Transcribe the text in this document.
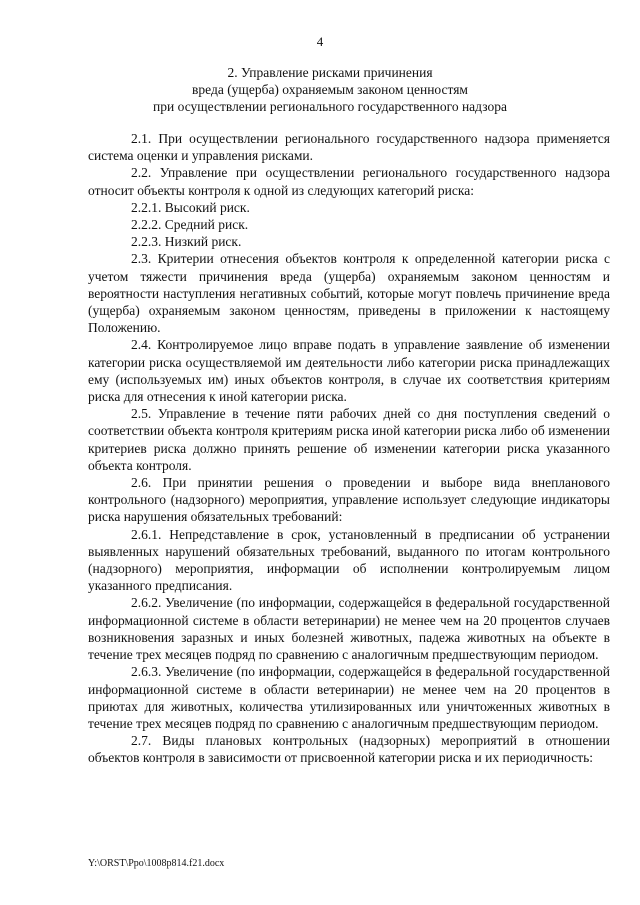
4
2. Управление рисками причинения
вреда (ущерба) охраняемым законом ценностям
при осуществлении регионального государственного надзора

2.1. При осуществлении регионального государственного надзора применяется система оценки и управления рисками.

2.2. Управление при осуществлении регионального государственного надзора относит объекты контроля к одной из следующих категорий риска:

2.2.1. Высокий риск.

2.2.2. Средний риск.

2.2.3. Низкий риск.

2.3. Критерии отнесения объектов контроля к определенной категории риска с учетом тяжести причинения вреда (ущерба) охраняемым законом ценностям и вероятности наступления негативных событий, которые могут повлечь причинение вреда (ущерба) охраняемым законом ценностям, приведены в приложении к настоящему Положению.

2.4. Контролируемое лицо вправе подать в управление заявление об изменении категории риска осуществляемой им деятельности либо категории риска принадлежащих ему (используемых им) иных объектов контроля, в случае их соответствия критериям риска для отнесения к иной категории риска.

2.5. Управление в течение пяти рабочих дней со дня поступления сведений о соответствии объекта контроля критериям риска иной категории риска либо об изменении критериев риска должно принять решение об изменении категории риска указанного объекта контроля.

2.6. При принятии решения о проведении и выборе вида внепланового контрольного (надзорного) мероприятия, управление использует следующие индикаторы риска нарушения обязательных требований:

2.6.1. Непредставление в срок, установленный в предписании об устранении выявленных нарушений обязательных требований, выданного по итогам контрольного (надзорного) мероприятия, информации об исполнении контролируемым лицом указанного предписания.

2.6.2. Увеличение (по информации, содержащейся в федеральной государственной информационной системе в области ветеринарии) не менее чем на 20 процентов случаев возникновения заразных и иных болезней животных, падежа животных на объекте в течение трех месяцев подряд по сравнению с аналогичным предшествующим периодом.

2.6.3. Увеличение (по информации, содержащейся в федеральной государственной информационной системе в области ветеринарии) не менее чем на 20 процентов в приютах для животных, количества утилизированных или уничтоженных животных в течение трех месяцев подряд по сравнению с аналогичным предшествующим периодом.

2.7. Виды плановых контрольных (надзорных) мероприятий в отношении объектов контроля в зависимости от присвоенной категории риска и их периодичность:

Y:\ORST\Ppo\1008p814.f21.docx
